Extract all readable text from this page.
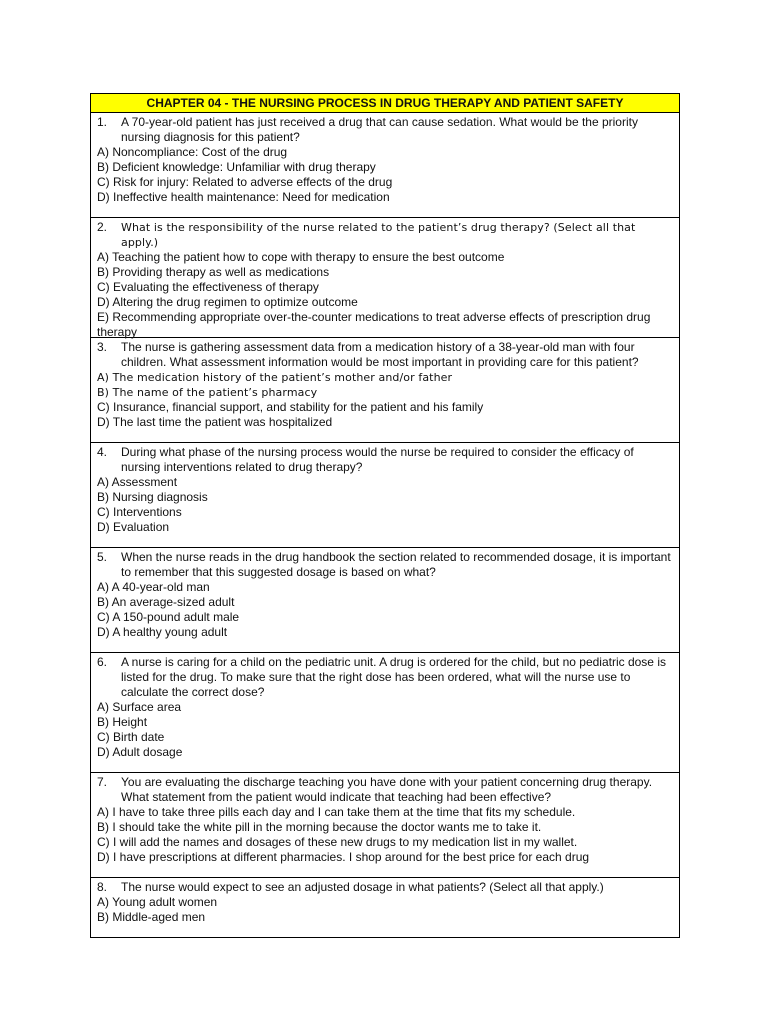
CHAPTER 04 - THE NURSING PROCESS IN DRUG THERAPY AND PATIENT SAFETY
1.	A 70-year-old patient has just received a drug that can cause sedation. What would be the priority nursing diagnosis for this patient?
A) Noncompliance: Cost of the drug
B) Deficient knowledge: Unfamiliar with drug therapy
C) Risk for injury: Related to adverse effects of the drug
D) Ineffective health maintenance: Need for medication
2.	What is the responsibility of the nurse related to the patient’s drug therapy? (Select all that apply.)
A) Teaching the patient how to cope with therapy to ensure the best outcome
B) Providing therapy as well as medications
C) Evaluating the effectiveness of therapy
D) Altering the drug regimen to optimize outcome
E) Recommending appropriate over-the-counter medications to treat adverse effects of prescription drug therapy
3.	The nurse is gathering assessment data from a medication history of a 38-year-old man with four children. What assessment information would be most important in providing care for this patient?
A) The medication history of the patient’s mother and/or father
B) The name of the patient’s pharmacy
C) Insurance, financial support, and stability for the patient and his family
D) The last time the patient was hospitalized
4.	During what phase of the nursing process would the nurse be required to consider the efficacy of nursing interventions related to drug therapy?
A) Assessment
B) Nursing diagnosis
C) Interventions
D) Evaluation
5.	When the nurse reads in the drug handbook the section related to recommended dosage, it is important to remember that this suggested dosage is based on what?
A) A 40-year-old man
B) An average-sized adult
C) A 150-pound adult male
D) A healthy young adult
6.	A nurse is caring for a child on the pediatric unit. A drug is ordered for the child, but no pediatric dose is listed for the drug. To make sure that the right dose has been ordered, what will the nurse use to calculate the correct dose?
A) Surface area
B) Height
C) Birth date
D) Adult dosage
7.	You are evaluating the discharge teaching you have done with your patient concerning drug therapy. What statement from the patient would indicate that teaching had been effective?
A) I have to take three pills each day and I can take them at the time that fits my schedule.
B) I should take the white pill in the morning because the doctor wants me to take it.
C) I will add the names and dosages of these new drugs to my medication list in my wallet.
D) I have prescriptions at different pharmacies. I shop around for the best price for each drug
8.	The nurse would expect to see an adjusted dosage in what patients? (Select all that apply.)
A) Young adult women
B) Middle-aged men
